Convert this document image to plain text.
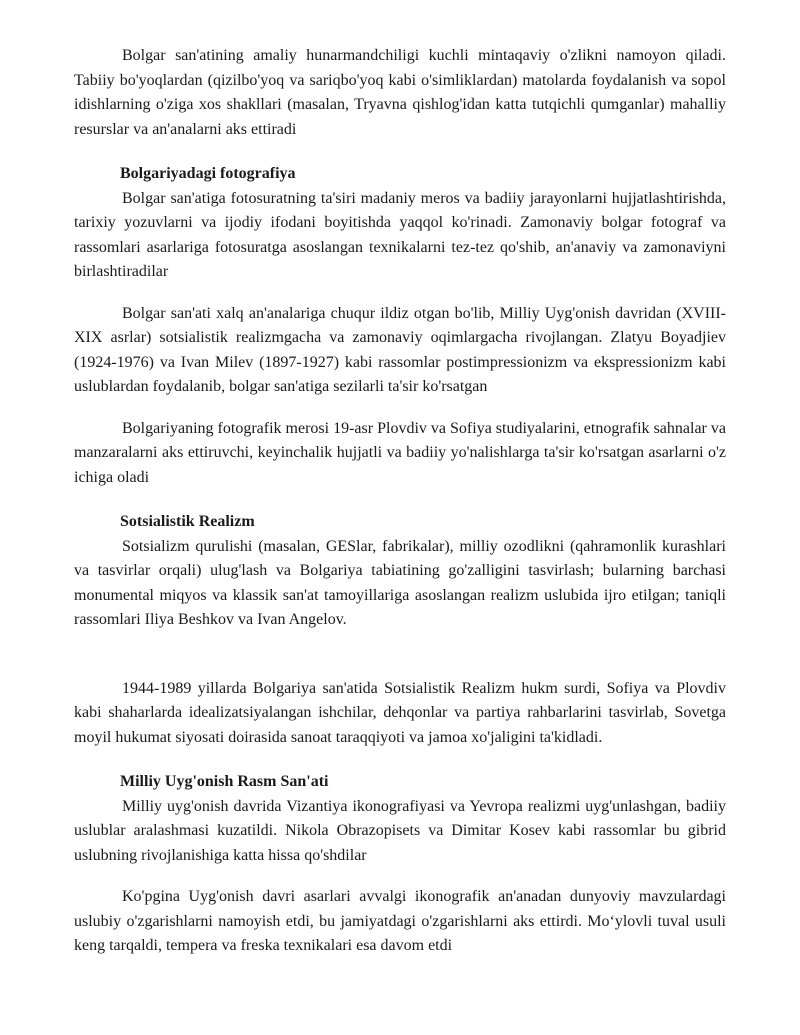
Bolgar san'atining amaliy hunarmandchiligi kuchli mintaqaviy o'zlikni namoyon qiladi. Tabiiy bo'yoqlardan (qizilbo'yoq va sariqbo'yoq kabi o'simliklardan) matolarda foydalanish va sopol idishlarning o'ziga xos shakllari (masalan, Tryavna qishlog'idan katta tutqichli qumganlar) mahalliy resurslar va an'analarni aks ettiradi

Bolgariyadagi fotografiya

Bolgar san'atiga fotosuratning ta'siri madaniy meros va badiiy jarayonlarni hujjatlashtirishda, tarixiy yozuvlarni va ijodiy ifodani boyitishda yaqqol ko'rinadi. Zamonaviy bolgar fotograf va rassomlari asarlariga fotosuratga asoslangan texnikalarni tez-tez qo'shib, an'anaviy va zamonaviyni birlashtiradilar

Bolgar san'ati xalq an'analariga chuqur ildiz otgan bo'lib, Milliy Uyg'onish davridan (XVIII-XIX asrlar) sotsialistik realizmgacha va zamonaviy oqimlargacha rivojlangan. Zlatyu Boyadjiev (1924-1976) va Ivan Milev (1897-1927) kabi rassomlar postimpressionizm va ekspressionizm kabi uslublardan foydalanib, bolgar san'atiga sezilarli ta'sir ko'rsatgan

Bolgariyaning fotografik merosi 19-asr Plovdiv va Sofiya studiyalarini, etnografik sahnalar va manzaralarni aks ettiruvchi, keyinchalik hujjatli va badiiy yo'nalishlarga ta'sir ko'rsatgan asarlarni o'z ichiga oladi

Sotsialistik Realizm

Sotsializm qurulishi (masalan, GESlar, fabrikalar), milliy ozodlikni (qahramonlik kurashlari va tasvirlar orqali) ulug'lash va Bolgariya tabiatining go'zalligini tasvirlash; bularning barchasi monumental miqyos va klassik san'at tamoyillariga asoslangan realizm uslubida ijro etilgan; taniqli rassomlari Iliya Beshkov va Ivan Angelov.

1944-1989 yillarda Bolgariya san'atida Sotsialistik Realizm hukm surdi, Sofiya va Plovdiv kabi shaharlarda idealizatsiyalangan ishchilar, dehqonlar va partiya rahbarlarini tasvirlab, Sovetga moyil hukumat siyosati doirasida sanoat taraqqiyoti va jamoa xo'jaligini ta'kidladi.

Milliy Uyg'onish Rasm San'ati

Milliy uyg'onish davrida Vizantiya ikonografiyasi va Yevropa realizmi uyg'unlashgan, badiiy uslublar aralashmasi kuzatildi. Nikola Obrazopisets va Dimitar Kosev kabi rassomlar bu gibrid uslubning rivojlanishiga katta hissa qo'shdilar

Ko'pgina Uyg'onish davri asarlari avvalgi ikonografik an'anadan dunyoviy mavzulardagi uslubiy o'zgarishlarni namoyish etdi, bu jamiyatdagi o'zgarishlarni aks ettirdi. Mo‘ylovli tuval usuli keng tarqaldi, tempera va freska texnikalari esa davom etdi
